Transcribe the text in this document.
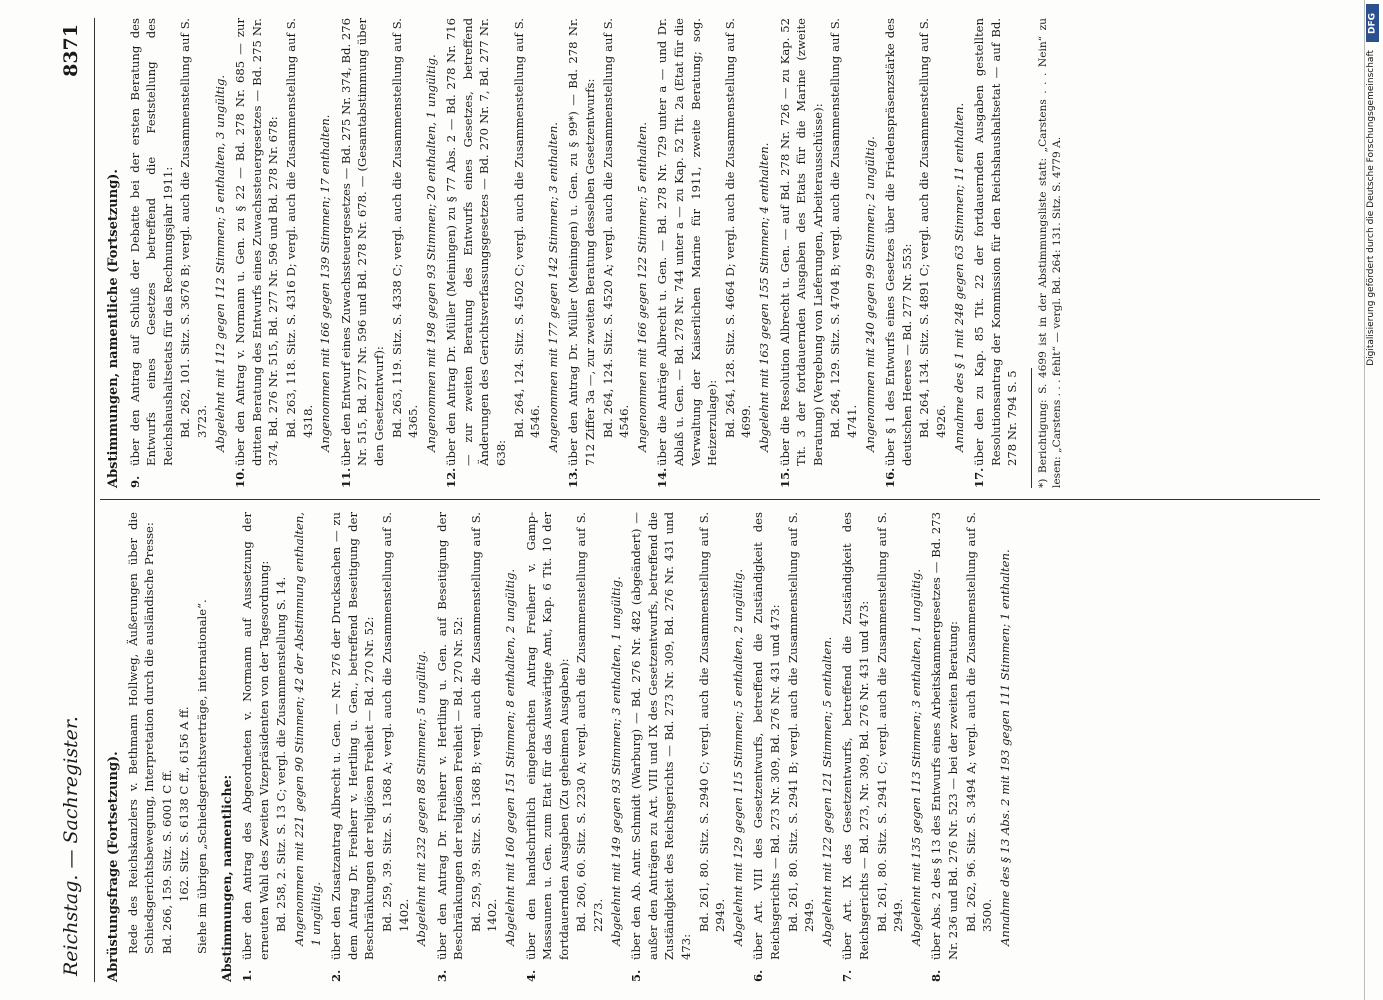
Reichstag. — Sachregister.
8371
Abrüstungsfrage (Fortsetzung). Rede des Reichskanzlers v. Bethmann Hollweg, Äußerungen über die Schiedsgerichtsbewegung, Interpretation durch die ausländische Presse: Bd. 266, 159. Sitz. S. 6001 C ff. 162. Sitz. S. 6138 C ff., 6156 A ff. Siehe im übrigen „Schiedsgerichtsverträge, internationale“. Abstimmungen, namentliche: 1.
über den Antrag des Abgeordneten v. Normann auf Aussetzung der erneuten Wahl des Zweiten Vizepräsidenten von der Tagesordnung: Bd. 258, 2. Sitz. S. 13 C; vergl. die Zusammenstellung S. 14. Angenommen mit 221 gegen 90 Stimmen; 42 der Abstimmung enthalten, 1 ungültig.
2.
über den Zusatzantrag Albrecht u. Gen. — Nr. 276 der Drucksachen — zu dem Antrag Dr. Freiherr v. Hertling u. Gen., betreffend Beseitigung der Beschränkungen der religiösen Freiheit — Bd. 270 Nr. 52: Bd. 259, 39. Sitz. S. 1368 A; vergl. auch die Zusammenstellung auf S. 1402. Abgelehnt mit 232 gegen 88 Stimmen; 5 ungültig.
3.
über den Antrag Dr. Freiherr v. Hertling u. Gen. auf Beseitigung der Beschränkungen der religiösen Freiheit — Bd. 270 Nr. 52: Bd. 259, 39. Sitz. S. 1368 B; vergl. auch die Zusammenstellung auf S. 1402. Abgelehnt mit 160 gegen 151 Stimmen; 8 enthalten, 2 ungültig.
4.
über den handschriftlich eingebrachten Antrag Freiherr v. Gamp-Massaunen u. Gen. zum Etat für das Auswärtige Amt, Kap. 6 Tit. 10 der fortdauernden Ausgaben (Zu geheimen Ausgaben): Bd. 260, 60. Sitz. S. 2230 A; vergl. auch die Zusammenstellung auf S. 2273. Abgelehnt mit 149 gegen 93 Stimmen; 3 enthalten, 1 ungültig.
5.
über den Ab. Antr. Schmidt (Warburg) — Bd. 276 Nr. 482 (abgeändert) — außer den Anträgen zu Art. VIII und IX des Gesetzentwurfs, betreffend die Zuständigkeit des Reichsgerichts — Bd. 273 Nr. 309, Bd. 276 Nr. 431 und 473:
Bd. 261, 80. Sitz. S. 2940 C; vergl. auch die Zusammenstellung auf S. 2949. Abgelehnt mit 129 gegen 115 Stimmen; 5 enthalten, 2 ungültig.
6.
über Art. VIII des Gesetzentwurfs, betreffend die Zuständigkeit des Reichsgerichts — Bd. 273 Nr. 309, Bd. 276 Nr. 431 und 473: Bd. 261, 80. Sitz. S. 2941 B; vergl. auch die Zusammenstellung auf S. 2949. Abgelehnt mit 122 gegen 121 Stimmen; 5 enthalten.
7.
über Art. IX des Gesetzentwurfs, betreffend die Zuständigkeit des Reichsgerichts — Bd. 273, Nr. 309, Bd. 276 Nr. 431 und 473: Bd. 261, 80. Sitz. S. 2941 C; vergl. auch die Zusammenstellung auf S. 2949. Abgelehnt mit 135 gegen 113 Stimmen; 3 enthalten, 1 ungültig.
8.
über Abs. 2 des § 13 des Entwurfs eines Arbeitskammergesetzes — Bd. 273 Nr. 236 und Bd. 276 Nr. 523 — bei der zweiten Beratung: Bd. 262, 96. Sitz. S. 3494 A; vergl. auch die Zusammenstellung auf S. 3500. Annahme des § 13 Abs. 2 mit 193 gegen 111 Stimmen; 1 enthalten.
Abstimmungen, namentliche (Fortsetzung). 9.
über den Antrag auf Schluß der Debatte bei der ersten Beratung des Entwurfs eines Gesetzes betreffend die Feststellung des Reichshaushaltsetats für das Rechnungsjahr 1911: Bd. 262, 101. Sitz. S. 3676 B; vergl. auch die Zusammenstellung auf S. 3723. Abgelehnt mit 112 gegen 112 Stimmen; 5 enthalten, 3 ungültig.
10.
über den Antrag v. Normann u. Gen. zu § 22 — Bd. 278 Nr. 685 — zur dritten Beratung des Entwurfs eines Zuwachssteuergesetzes — Bd. 275 Nr. 374, Bd. 276 Nr. 515, Bd. 277 Nr. 596 und Bd. 278 Nr. 678: Bd. 263, 118. Sitz. S. 4316 D; vergl. auch die Zusammenstellung auf S. 4318. Angenommen mit 166 gegen 139 Stimmen; 17 enthalten.
11.
über den Entwurf eines Zuwachssteuergesetzes — Bd. 275 Nr. 374, Bd. 276 Nr. 515, Bd. 277 Nr. 596 und Bd. 278 Nr. 678. — (Gesamtabstimmung über den Gesetzentwurf): Bd. 263, 119. Sitz. S. 4338 C; vergl. auch die Zusammenstellung auf S. 4365. Angenommen mit 198 gegen 93 Stimmen; 20 enthalten, 1 ungültig.
12.
über den Antrag Dr. Müller (Meiningen) zu § 77 Abs. 2 — Bd. 278 Nr. 716 — zur zweiten Beratung des Entwurfs eines Gesetzes, betreffend Änderungen des Gerichtsverfassungsgesetzes — Bd. 270 Nr. 7, Bd. 277 Nr. 638:
Bd. 264, 124. Sitz. S. 4502 C; vergl. auch die Zusammenstellung auf S. 4546. Angenommen mit 177 gegen 142 Stimmen; 3 enthalten.
13.
über den Antrag Dr. Müller (Meiningen) u. Gen. zu § 99*) — Bd. 278 Nr. 712 Ziffer 3a —, zur zweiten Beratung desselben Gesetzentwurfs: Bd. 264, 124. Sitz. S. 4520 A; vergl. auch die Zusammenstellung auf S. 4546. Angenommen mit 166 gegen 122 Stimmen; 5 enthalten.
14.
über die Anträge Albrecht u. Gen. — Bd. 278 Nr. 729 unter a — und Dr. Ablaß u. Gen. — Bd. 278 Nr. 744 unter a — zu Kap. 52 Tit. 2a (Etat für die Verwaltung der Kaiserlichen Marine für 1911, zweite Beratung; sog. Heizerzulage): Bd. 264, 128. Sitz. S. 4664 D; vergl. auch die Zusammenstellung auf S. 4699. Abgelehnt mit 163 gegen 155 Stimmen; 4 enthalten.
15.
über die Resolution Albrecht u. Gen. — auf Bd. 278 Nr. 726 — zu Kap. 52 Tit. 3 der fortdauernden Ausgaben des Etats für die Marine (zweite Beratung) (Vergebung von Lieferungen, Arbeiterausschüsse): Bd. 264, 129. Sitz. S. 4704 B; vergl. auch die Zusammenstellung auf S. 4741. Angenommen mit 240 gegen 99 Stimmen; 2 ungültig.
16.
über § 1 des Entwurfs eines Gesetzes über die Friedenspräsenzstärke des deutschen Heeres — Bd. 277 Nr. 553: Bd. 264, 134. Sitz. S. 4891 C; vergl. auch die Zusammenstellung auf S. 4926. Annahme des § 1 mit 248 gegen 63 Stimmen; 11 enthalten.
17.
über den zu Kap. 85 Tit. 22 der fortdauernden Ausgaben gestellten Resolutionsantrag der Kommission für den Reichshaushaltsetat — auf Bd. 278 Nr. 794 S. 5 *) Berichtigung: S. 4699 ist in der Abstimmungsliste statt: „Carstens . . . Nein“ zu lesen: „Carstens . . . fehlt“ — vergl. Bd. 264: 131. Sitz. S. 4779 A.
DFG
Digitalisierung gefördert durch die Deutsche Forschungsgemeinschaft
